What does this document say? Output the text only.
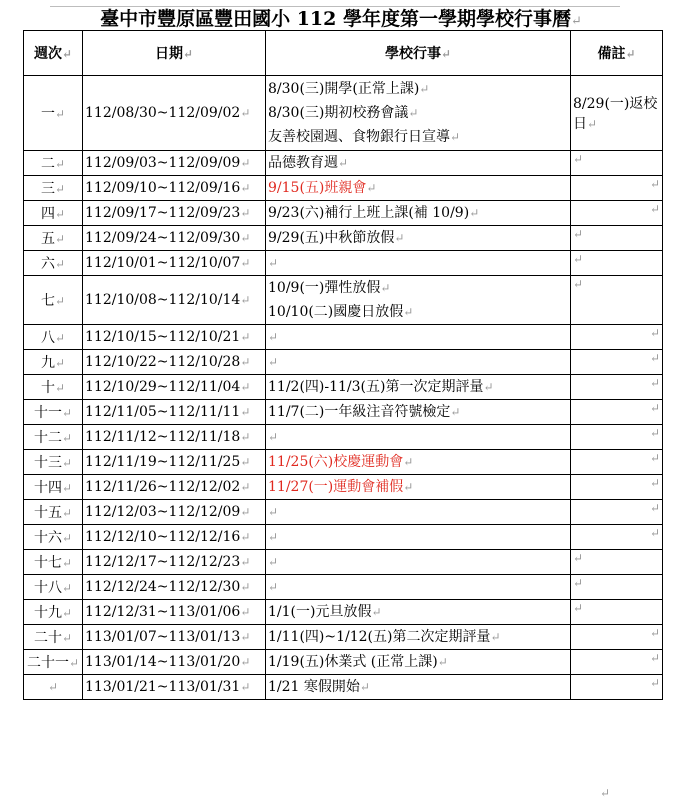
臺中市豐原區豐田國小 112 學年度第一學期學校行事曆↵
週次↵	日期↵	學校行事↵	備註↵
一↵	112/08/30~112/09/02↵	8/30(三)開學(正常上課)↵
8/30(三)期初校務會議↵
友善校園週、食物銀行日宣導↵	8/29(一)返校日↵
二↵	112/09/03~112/09/09↵	品德教育週↵	↵
三↵	112/09/10~112/09/16↵	9/15(五)班親會↵	↵
四↵	112/09/17~112/09/23↵	9/23(六)補行上班上課(補 10/9)↵	↵
五↵	112/09/24~112/09/30↵	9/29(五)中秋節放假↵	↵
六↵	112/10/01~112/10/07↵	↵	↵
七↵	112/10/08~112/10/14↵	10/9(一)彈性放假↵
10/10(二)國慶日放假↵	↵
八↵	112/10/15~112/10/21↵	↵	↵
九↵	112/10/22~112/10/28↵	↵	↵
十↵	112/10/29~112/11/04↵	11/2(四)-11/3(五)第一次定期評量↵	↵
十一↵	112/11/05~112/11/11↵	11/7(二)一年級注音符號檢定↵	↵
十二↵	112/11/12~112/11/18↵	↵	↵
十三↵	112/11/19~112/11/25↵	11/25(六)校慶運動會↵	↵
十四↵	112/11/26~112/12/02↵	11/27(一)運動會補假↵	↵
十五↵	112/12/03~112/12/09↵	↵	↵
十六↵	112/12/10~112/12/16↵	↵	↵
十七↵	112/12/17~112/12/23↵	↵	↵
十八↵	112/12/24~112/12/30↵	↵	↵
十九↵	112/12/31~113/01/06↵	1/1(一)元旦放假↵	↵
二十↵	113/01/07~113/01/13↵	1/11(四)~1/12(五)第二次定期評量↵	↵
二十一↵	113/01/14~113/01/20↵	1/19(五)休業式 (正常上課)↵	↵
↵	113/01/21~113/01/31↵	1/21 寒假開始↵	↵
↵
